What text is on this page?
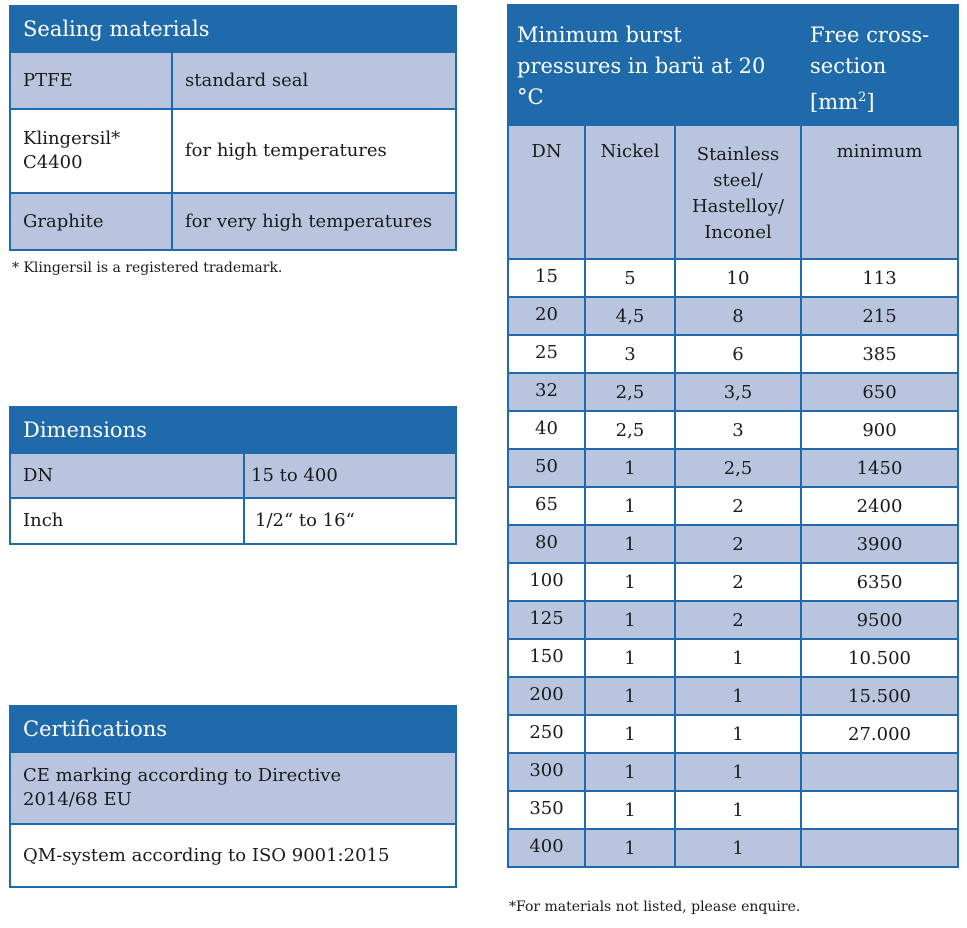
Sealing materials	
PTFE	standard seal
Klingersil*
C4400	for high temperatures
Graphite	for very high temperatures
* Klingersil is a registered trademark.
Dimensions	
DN	15 to 400
Inch	1/2“ to 16“
Certifications
CE marking according to Directive 2014/68 EU
QM-system according to ISO 9001:2015
Minimum burst pressures in barü at 20 °C			Free cross-section
$[mm^2]$
DN	Nickel	Stainless steel/ Hastelloy/ Inconel	minimum
15	5	10	113
20	4,5	8	215
25	3	6	385
32	2,5	3,5	650
40	2,5	3	900
50	1	2,5	1450
65	1	2	2400
80	1	2	3900
100	1	2	6350
125	1	2	9500
150	1	1	10.500
200	1	1	15.500
250	1	1	27.000
300	1	1	
350	1	1	
400	1	1	
*For materials not listed, please enquire.
